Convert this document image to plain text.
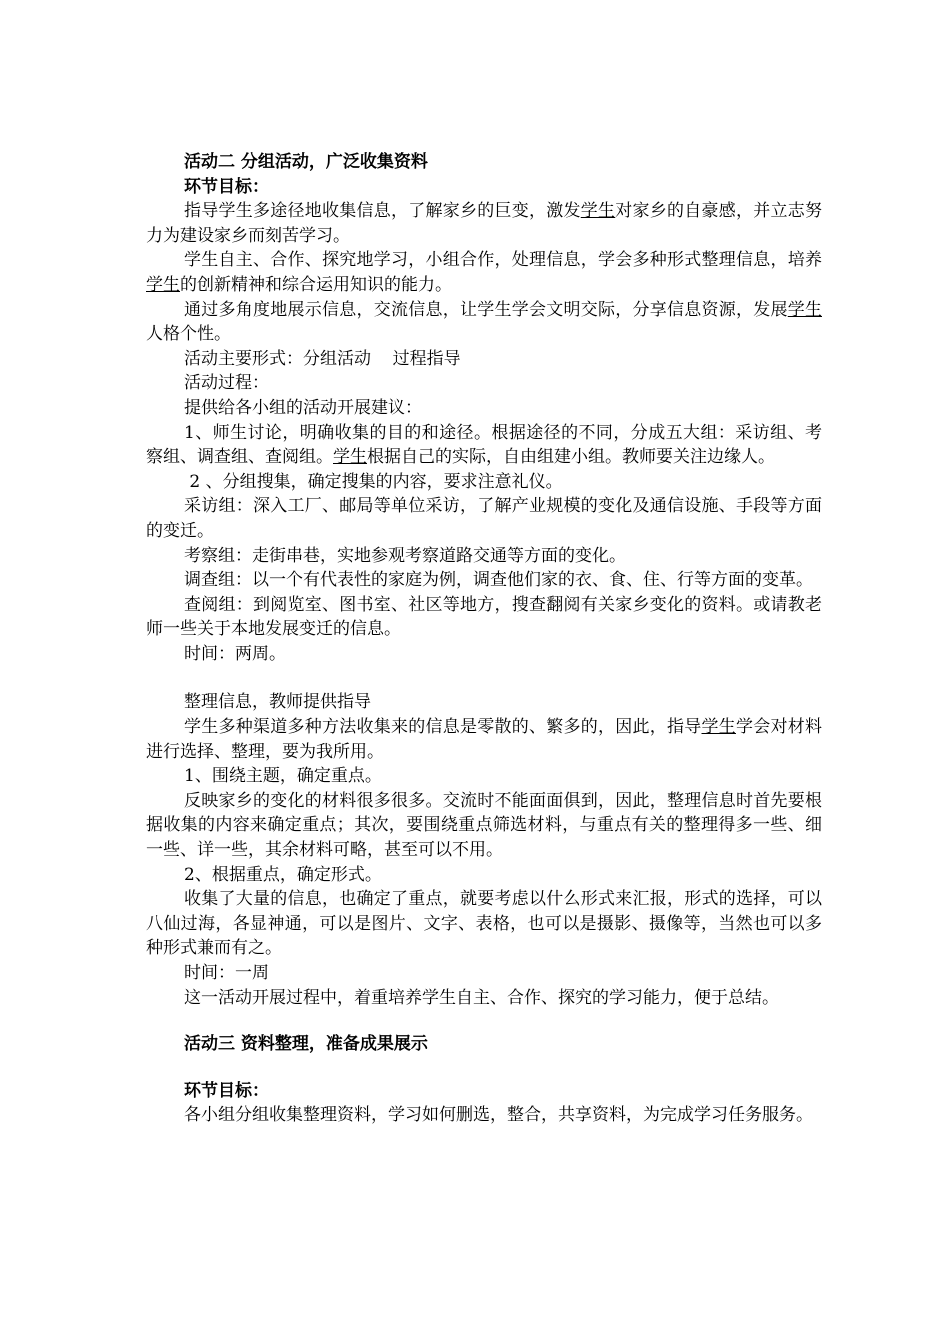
活动二 分组活动，广泛收集资料

环节目标：

指导学生多途径地收集信息，了解家乡的巨变，激发学生对家乡的自豪感，并立志努力为建设家乡而刻苦学习。

学生自主、合作、探究地学习，小组合作，处理信息，学会多种形式整理信息，培养学生的创新精神和综合运用知识的能力。

通过多角度地展示信息，交流信息，让学生学会文明交际，分享信息资源，发展学生人格个性。

活动主要形式：分组活动    过程指导

活动过程：

提供给各小组的活动开展建议：

1、师生讨论，明确收集的目的和途径。根据途径的不同，分成五大组：采访组、考察组、调查组、查阅组。学生根据自己的实际，自由组建小组。教师要关注边缘人。

2 、分组搜集，确定搜集的内容，要求注意礼仪。

采访组：深入工厂、邮局等单位采访，了解产业规模的变化及通信设施、手段等方面的变迁。

考察组：走街串巷，实地参观考察道路交通等方面的变化。

调查组：以一个有代表性的家庭为例，调查他们家的衣、食、住、行等方面的变革。

查阅组：到阅览室、图书室、社区等地方，搜查翻阅有关家乡变化的资料。或请教老师一些关于本地发展变迁的信息。

时间：两周。

整理信息，教师提供指导

学生多种渠道多种方法收集来的信息是零散的、繁多的，因此，指导学生学会对材料进行选择、整理，要为我所用。

1、围绕主题，确定重点。

反映家乡的变化的材料很多很多。交流时不能面面俱到，因此，整理信息时首先要根据收集的内容来确定重点；其次，要围绕重点筛选材料，与重点有关的整理得多一些、细一些、详一些，其余材料可略，甚至可以不用。

2、根据重点，确定形式。

收集了大量的信息，也确定了重点，就要考虑以什么形式来汇报，形式的选择，可以八仙过海，各显神通，可以是图片、文字、表格，也可以是摄影、摄像等，当然也可以多种形式兼而有之。

时间：一周

这一活动开展过程中，着重培养学生自主、合作、探究的学习能力，便于总结。

活动三 资料整理，准备成果展示

环节目标：

各小组分组收集整理资料，学习如何删选，整合，共享资料，为完成学习任务服务。
